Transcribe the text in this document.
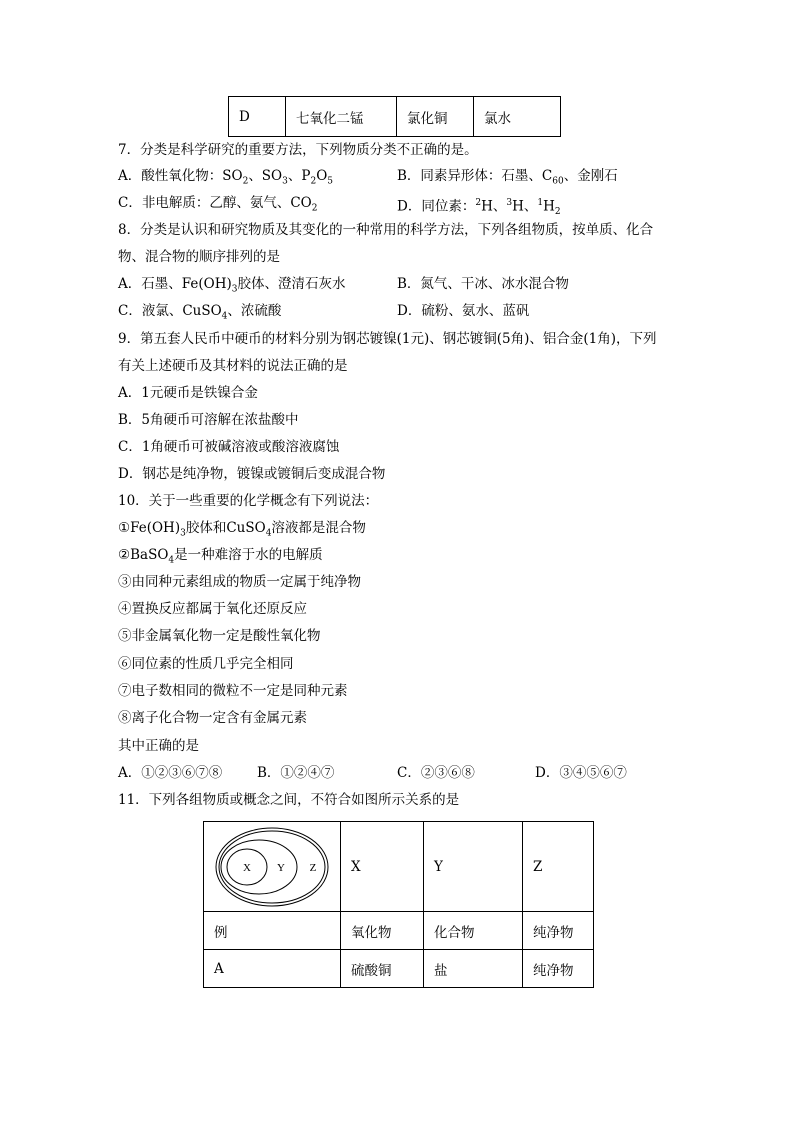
D	七氧化二锰	氯化铜	氯水
7．分类是科学研究的重要方法，下列物质分类不正确的是。
A．酸性氧化物：$SO_2$、$SO_3$、$P_2O_5$	B．同素异形体：石墨、$C_{60}$、金刚石
C．非电解质：乙醇、氨气、$CO_2$	D．同位素：$^2$H、$^3$H、$^1H_2$
8．分类是认识和研究物质及其变化的一种常用的科学方法，下列各组物质，按单质、化合
物、混合物的顺序排列的是
A．石墨、$Fe(OH)_3$胶体、澄清石灰水	B．氮气、干冰、冰水混合物
C．液氯、CuSO$_4$、浓硫酸	D．硫粉、氨水、蓝矾
9．第五套人民币中硬币的材料分别为钢芯镀镍(1元)、钢芯镀铜(5角)、铝合金(1角)，下列
有关上述硬币及其材料的说法正确的是
A．1元硬币是铁镍合金
B．5角硬币可溶解在浓盐酸中
C．1角硬币可被碱溶液或酸溶液腐蚀
D．钢芯是纯净物，镀镍或镀铜后变成混合物
10．关于一些重要的化学概念有下列说法：
$①Fe(OH)_3$胶体和CuSO$_4$溶液都是混合物
②BaSO$_4$是一种难溶于水的电解质
③由同种元素组成的物质一定属于纯净物
④置换反应都属于氧化还原反应
⑤非金属氧化物一定是酸性氧化物
⑥同位素的性质几乎完全相同
⑦电子数相同的微粒不一定是同种元素
⑧离子化合物一定含有金属元素
其中正确的是
A．①②③⑥⑦⑧	B．①②④⑦	C．②③⑥⑧	D．③④⑤⑥⑦
11．下列各组物质或概念之间，不符合如图所示关系的是
X Y Z	X	Y	Z
例	氧化物	化合物	纯净物
A	硫酸铜	盐	纯净物
